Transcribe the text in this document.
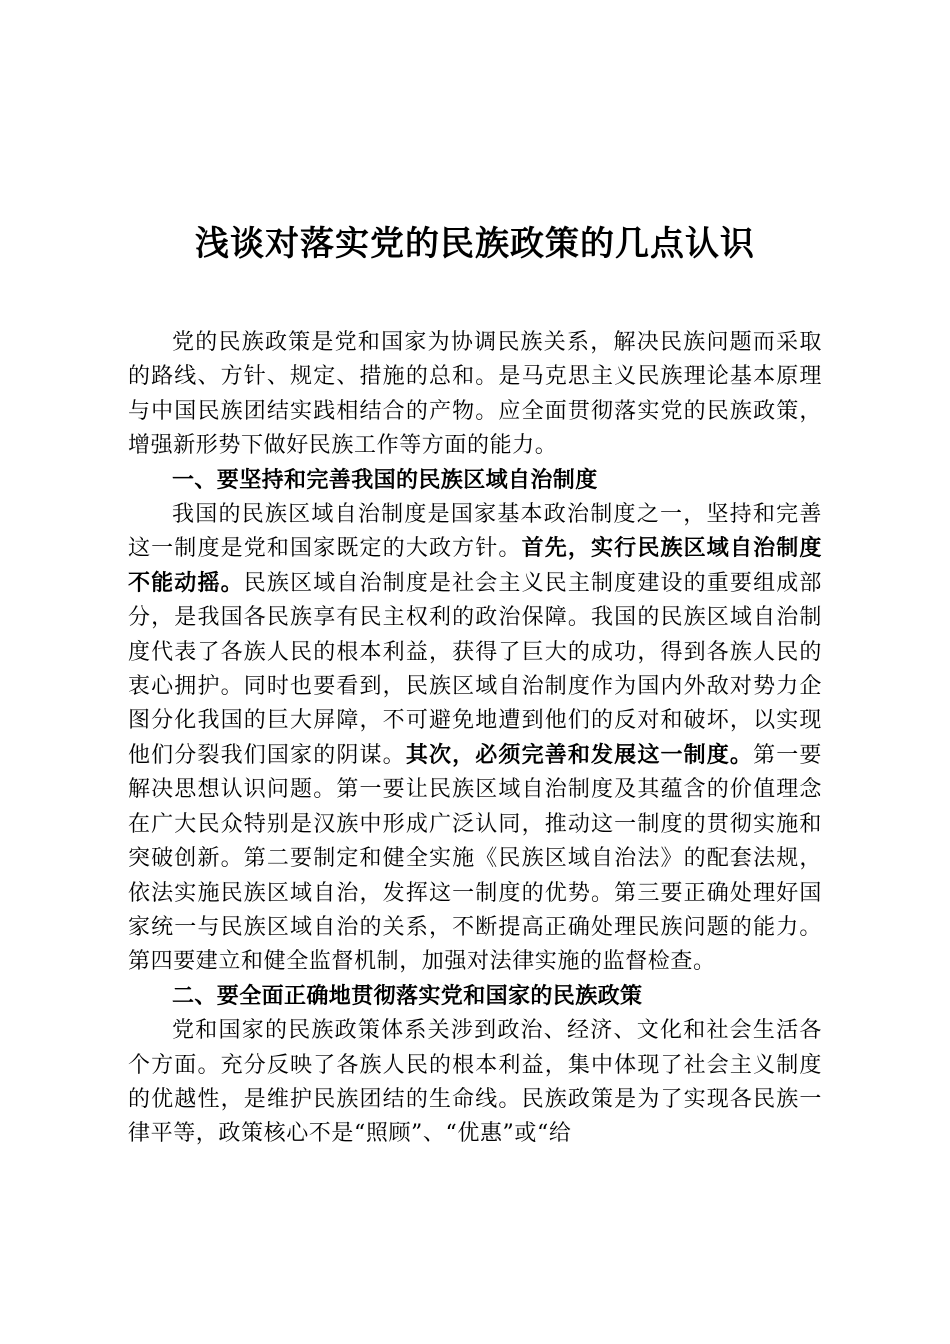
浅谈对落实党的民族政策的几点认识

党的民族政策是党和国家为协调民族关系，解决民族问题而采取的路线、方针、规定、措施的总和。是马克思主义民族理论基本原理与中国民族团结实践相结合的产物。应全面贯彻落实党的民族政策，增强新形势下做好民族工作等方面的能力。

一、要坚持和完善我国的民族区域自治制度

我国的民族区域自治制度是国家基本政治制度之一，坚持和完善这一制度是党和国家既定的大政方针。首先，实行民族区域自治制度不能动摇。民族区域自治制度是社会主义民主制度建设的重要组成部分，是我国各民族享有民主权利的政治保障。我国的民族区域自治制度代表了各族人民的根本利益，获得了巨大的成功，得到各族人民的衷心拥护。同时也要看到，民族区域自治制度作为国内外敌对势力企图分化我国的巨大屏障，不可避免地遭到他们的反对和破坏，以实现他们分裂我们国家的阴谋。其次，必须完善和发展这一制度。第一要解决思想认识问题。第一要让民族区域自治制度及其蕴含的价值理念在广大民众特别是汉族中形成广泛认同，推动这一制度的贯彻实施和突破创新。第二要制定和健全实施《民族区域自治法》的配套法规，依法实施民族区域自治，发挥这一制度的优势。第三要正确处理好国家统一与民族区域自治的关系，不断提高正确处理民族问题的能力。第四要建立和健全监督机制，加强对法律实施的监督检查。

二、要全面正确地贯彻落实党和国家的民族政策

党和国家的民族政策体系关涉到政治、经济、文化和社会生活各个方面。充分反映了各族人民的根本利益，集中体现了社会主义制度的优越性，是维护民族团结的生命线。民族政策是为了实现各民族一律平等，政策核心不是“照顾”、“优惠”或“给
